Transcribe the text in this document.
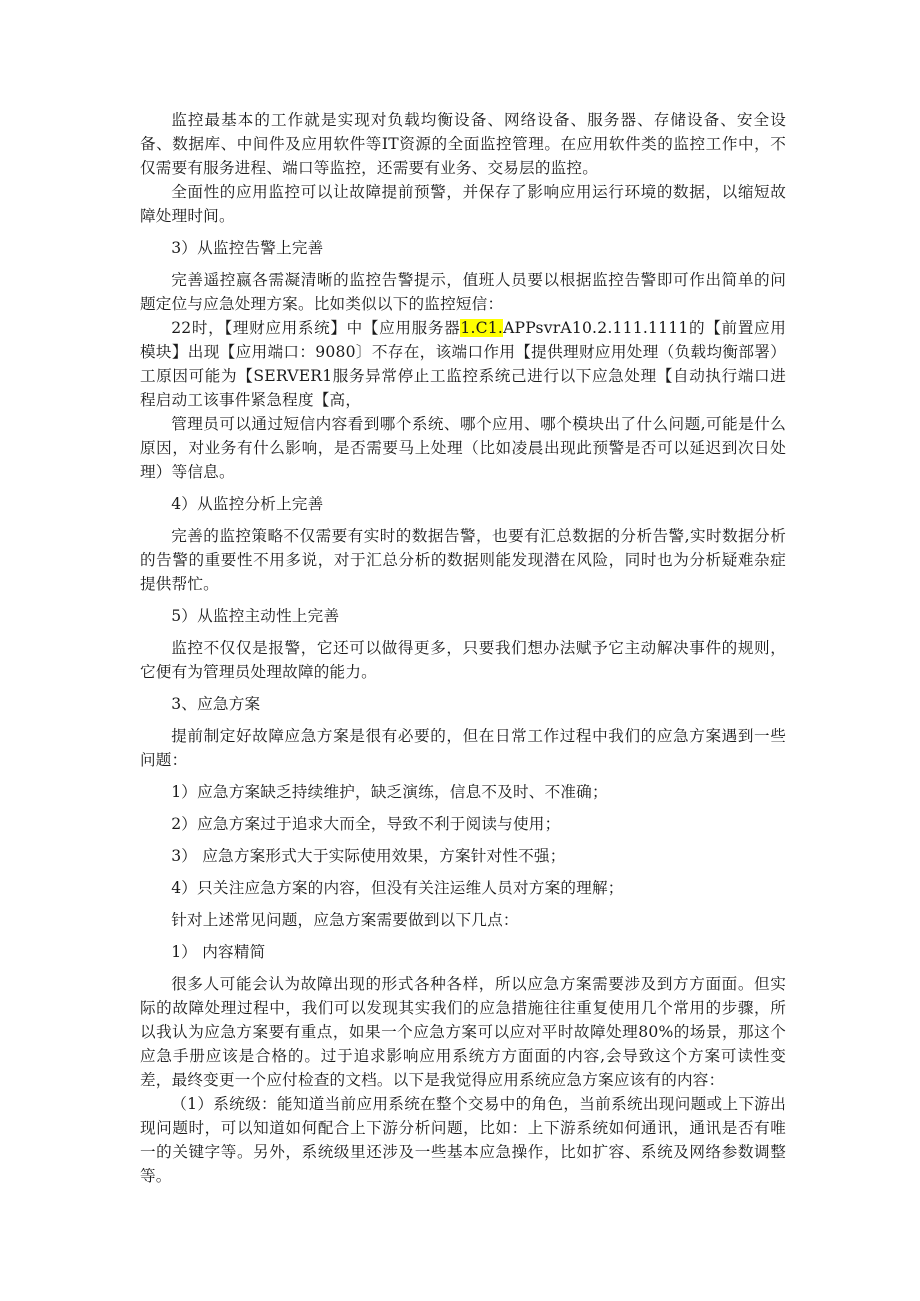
监控最基本的工作就是实现对负载均衡设备、网络设备、服务器、存储设备、安全设备、数据库、中间件及应用软件等IT资源的全面监控管理。在应用软件类的监控工作中，不仅需要有服务进程、端口等监控，还需要有业务、交易层的监控。

全面性的应用监控可以让故障提前预警，并保存了影响应用运行环境的数据，以缩短故障处理时间。

3）从监控告警上完善

完善遥控嬴各需凝清晰的监控告警提示，值班人员要以根据监控告警即可作出简单的问题定位与应急处理方案。比如类似以下的监控短信：

22时，【理财应用系统】中【应用服务器1.C1.APPsvrA10.2.111.1111的【前置应用模块】出现【应用端口：9080〕不存在，该端口作用【提供理财应用处理（负载均衡部署）工原因可能为【SERVER1服务异常停止工监控系统己进行以下应急处理【自动执行端口进程启动工该事件紧急程度【高，

管理员可以通过短信内容看到哪个系统、哪个应用、哪个模块出了什么问题,可能是什么原因，对业务有什么影响，是否需要马上处理（比如凌晨出现此预警是否可以延迟到次日处理）等信息。

4）从监控分析上完善

完善的监控策略不仅需要有实时的数据告警，也要有汇总数据的分析告警,实时数据分析的告警的重要性不用多说，对于汇总分析的数据则能发现潜在风险，同时也为分析疑难杂症提供帮忙。

5）从监控主动性上完善

监控不仅仅是报警，它还可以做得更多，只要我们想办法赋予它主动解决事件的规则，它便有为管理员处理故障的能力。

3、应急方案

提前制定好故障应急方案是很有必要的，但在日常工作过程中我们的应急方案遇到一些问题：

1）应急方案缺乏持续维护，缺乏演练，信息不及时、不准确；

2）应急方案过于追求大而全，导致不利于阅读与使用；

3） 应急方案形式大于实际使用效果，方案针对性不强；

4）只关注应急方案的内容，但没有关注运维人员对方案的理解；

针对上述常见问题，应急方案需要做到以下几点：

1） 内容精简

很多人可能会认为故障出现的形式各种各样，所以应急方案需要涉及到方方面面。但实际的故障处理过程中，我们可以发现其实我们的应急措施往往重复使用几个常用的步骤，所以我认为应急方案要有重点，如果一个应急方案可以应对平时故障处理80%的场景，那这个应急手册应该是合格的。过于追求影响应用系统方方面面的内容,会导致这个方案可读性变差，最终变更一个应付检查的文档。以下是我觉得应用系统应急方案应该有的内容：

（1）系统级：能知道当前应用系统在整个交易中的角色，当前系统出现问题或上下游出现问题时，可以知道如何配合上下游分析问题，比如：上下游系统如何通讯，通讯是否有唯一的关键字等。另外，系统级里还涉及一些基本应急操作，比如扩容、系统及网络参数调整等。
